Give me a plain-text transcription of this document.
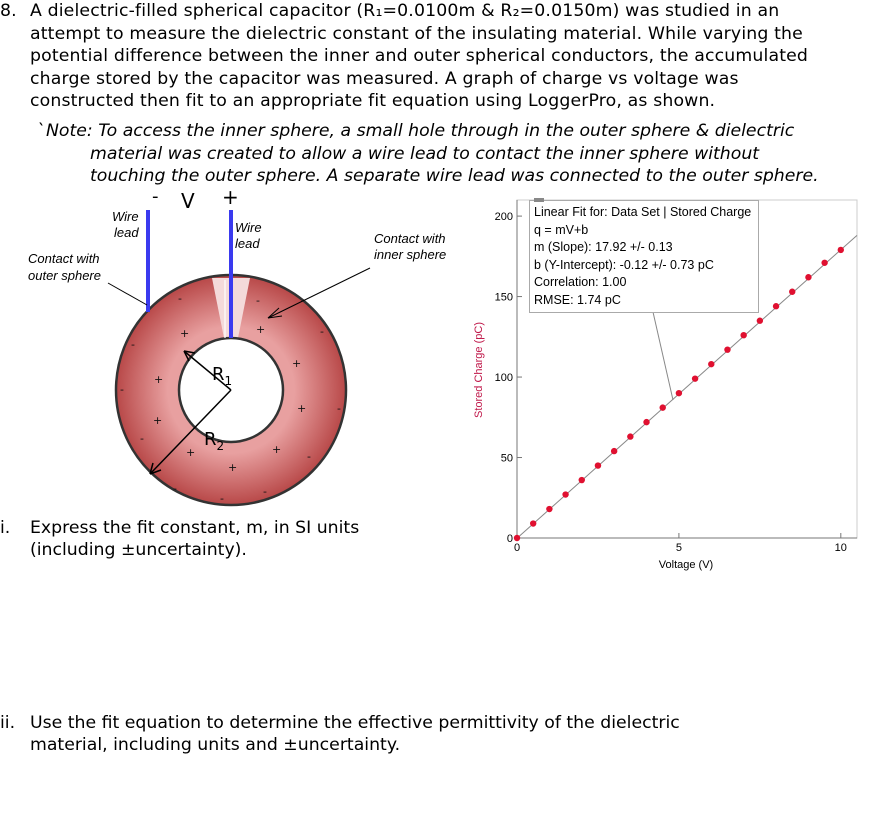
8. A dielectric-filled spherical capacitor (R₁=0.0100m & R₂=0.0150m) was studied in an
attempt to measure the dielectric constant of the insulating material. While varying the
potential difference between the inner and outer spherical conductors, the accumulated
charge stored by the capacitor was measured. A graph of charge vs voltage was
constructed then fit to an appropriate fit equation using LoggerPro, as shown.
` Note: To access the inner sphere, a small hole through in the outer sphere & dielectric
material was created to allow a wire lead to contact the inner sphere without
touching the outer sphere. A separate wire lead was connected to the outer sphere.
- V +
Wire
lead	Wire
lead
Contact with
outer sphere
Contact with
inner sphere
$R_1$
$R_2$
-	-
-
-
-
-
-
-
-	-
-
+	+
+
+
+
+
+	+
+
0	5	10
0
50
100
150
200
Voltage (V)
Stored Charge (pC)
Linear Fit for: Data Set | Stored Charge
q = mV+b
m (Slope): 17.92 +/- 0.13
b (Y-Intercept): -0.12 +/- 0.73 pC
Correlation: 1.00
RMSE: 1.74 pC
i. Express the fit constant, m, in SI units
(including ±uncertainty).
ii. Use the fit equation to determine the effective permittivity of the dielectric
material, including units and ±uncertainty.
